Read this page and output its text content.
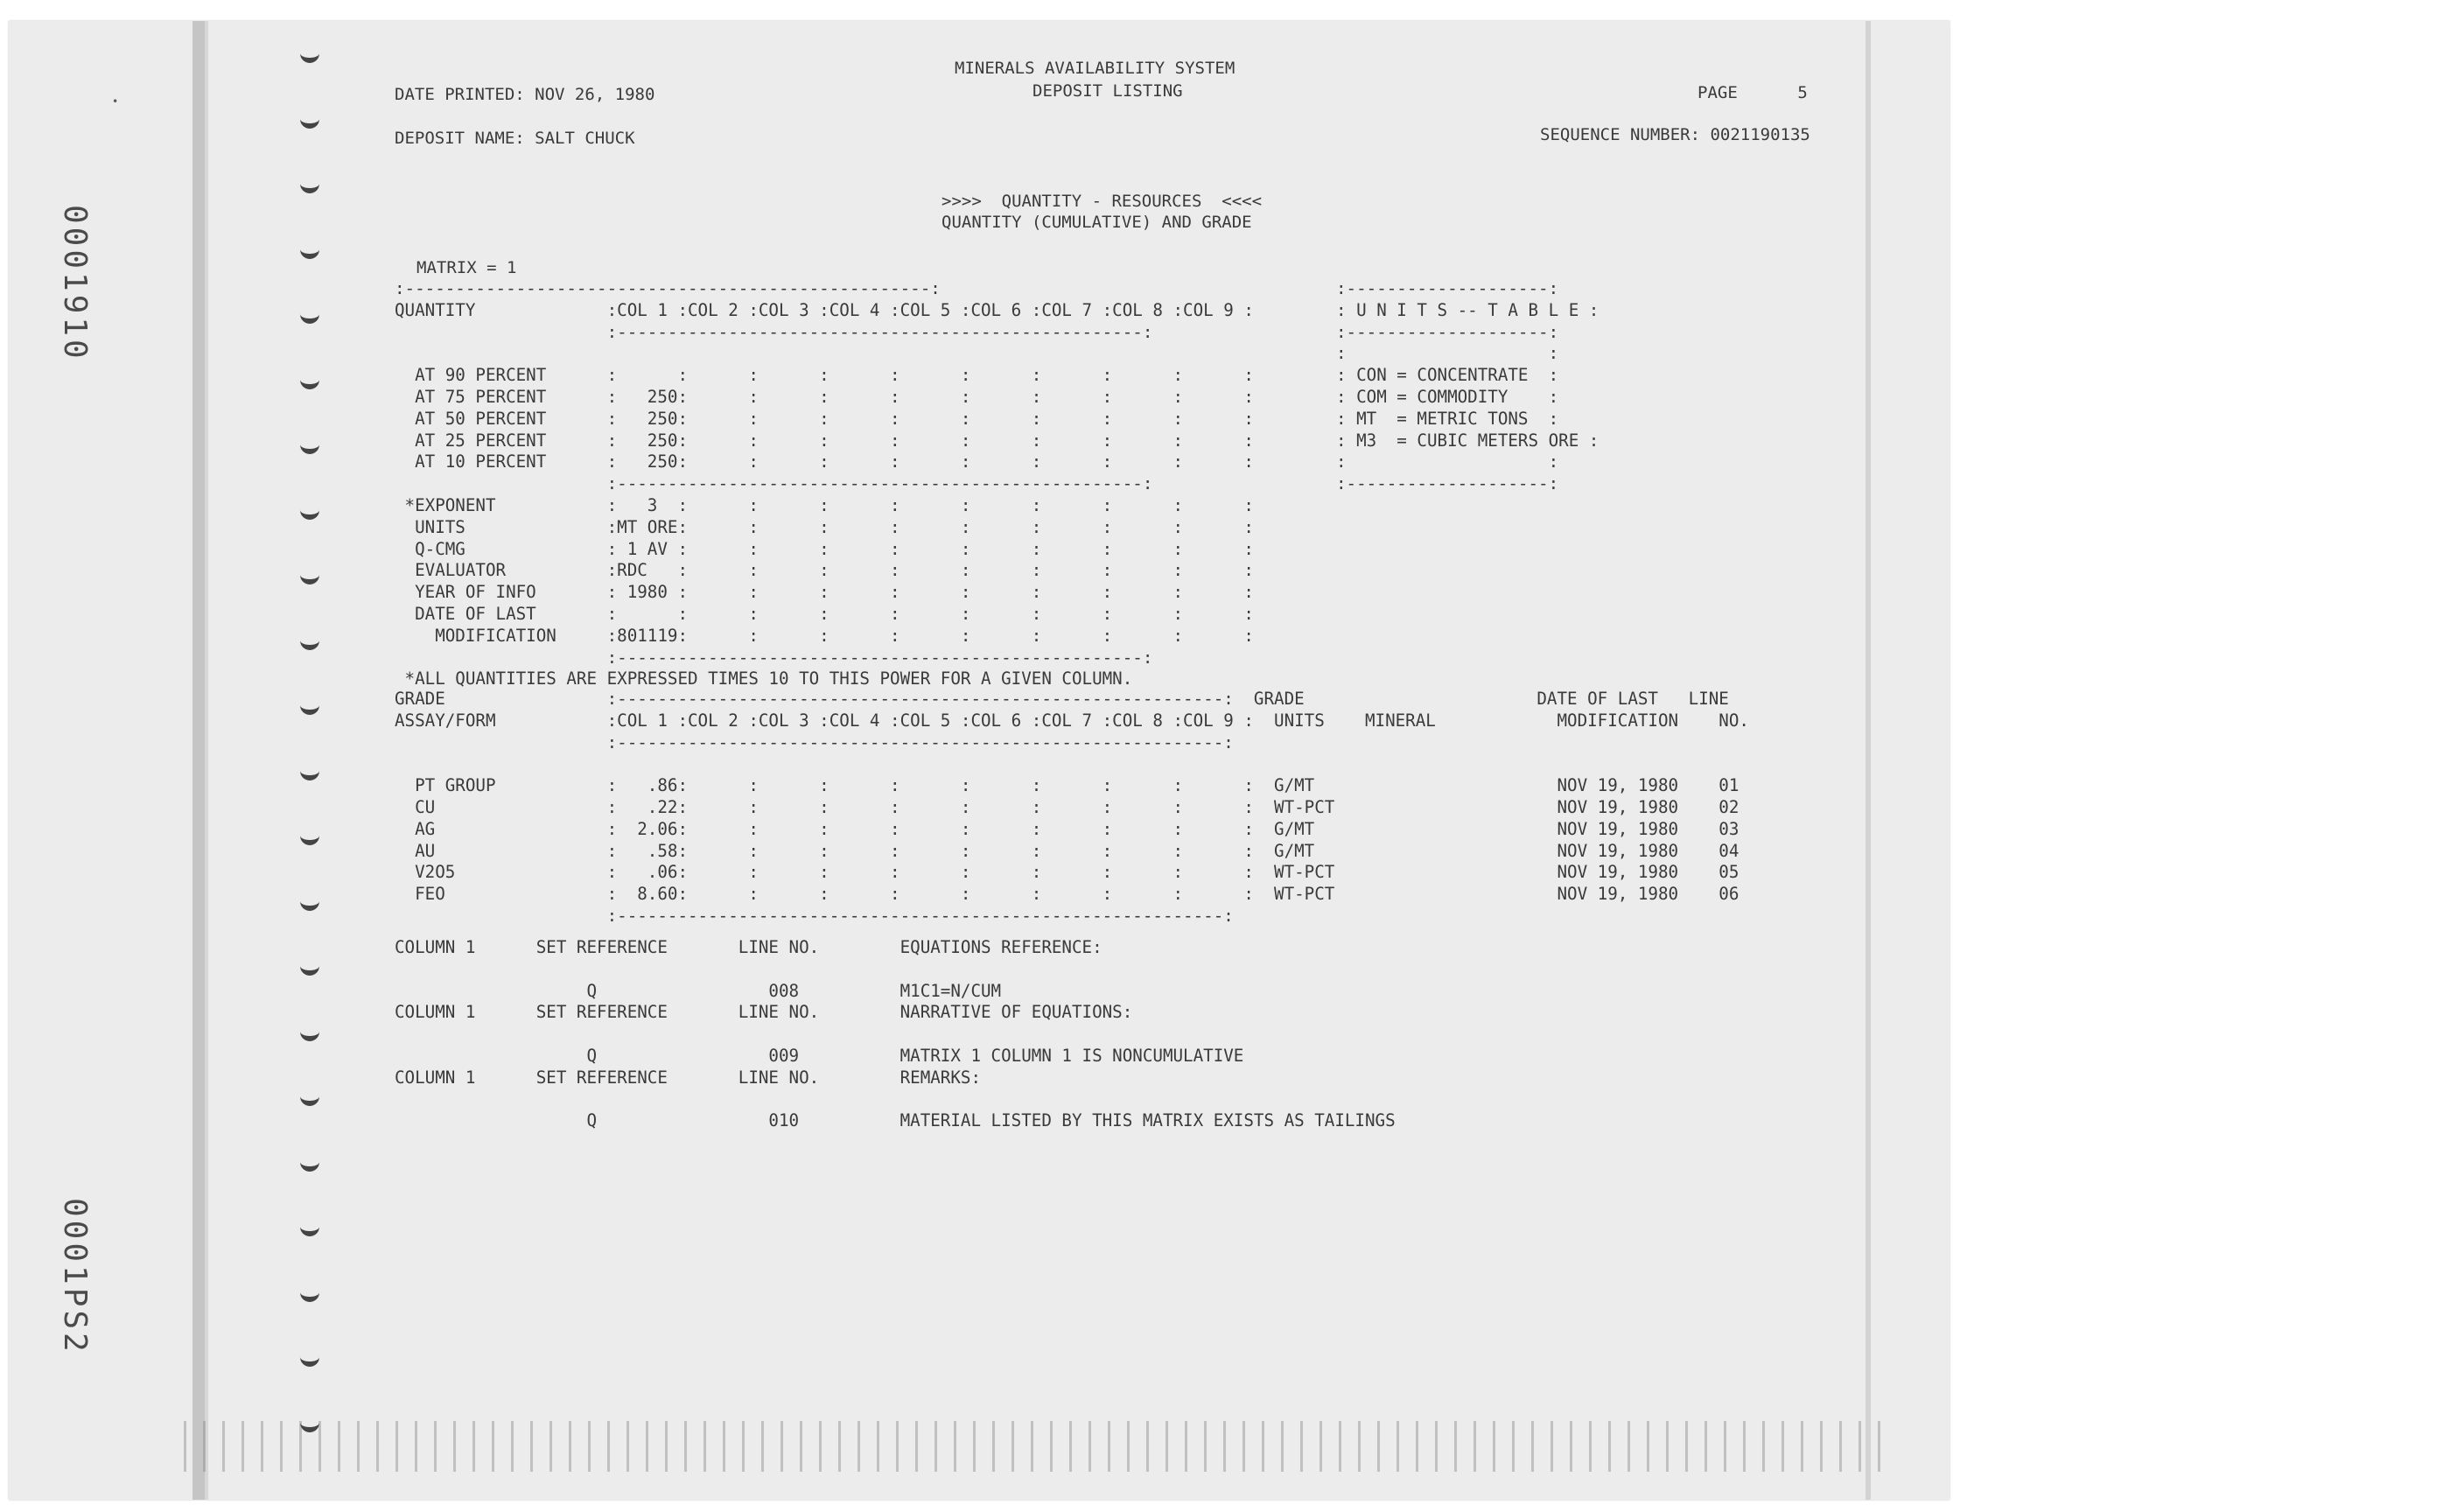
0001910
0001PS2
•
MINERALS AVAILABILITY SYSTEM
DEPOSIT LISTING
DATE PRINTED: NOV 26, 1980	PAGE      5
DEPOSIT NAME: SALT CHUCK	SEQUENCE NUMBER: 0021190135
>>>>  QUANTITY - RESOURCES  <<<<
QUANTITY (CUMULATIVE) AND GRADE
MATRIX = 1
:----------------------------------------------------:
QUANTITY             :COL 1 :COL 2 :COL 3 :COL 4 :COL 5 :COL 6 :COL 7 :COL 8 :COL 9 :
:----------------------------------------------------:

AT 90 PERCENT      :      :      :      :      :      :      :      :      :      :
AT 75 PERCENT      :   250:      :      :      :      :      :      :      :      :
AT 50 PERCENT      :   250:      :      :      :      :      :      :      :      :
AT 25 PERCENT      :   250:      :      :      :      :      :      :      :      :
AT 10 PERCENT      :   250:      :      :      :      :      :      :      :      :
:----------------------------------------------------:
*EXPONENT           :   3  :      :      :      :      :      :      :      :      :
UNITS              :MT ORE:      :      :      :      :      :      :      :      :
Q-CMG              : 1 AV :      :      :      :      :      :      :      :      :
EVALUATOR          :RDC   :      :      :      :      :      :      :      :      :
YEAR OF INFO       : 1980 :      :      :      :      :      :      :      :      :
DATE OF LAST       :      :      :      :      :      :      :      :      :      :
MODIFICATION     :801119:      :      :      :      :      :      :      :      :
:----------------------------------------------------:
*ALL QUANTITIES ARE EXPRESSED TIMES 10 TO THIS POWER FOR A GIVEN COLUMN.
:--------------------:
: U N I T S -- T A B L E :
:--------------------:
:                    :
: CON = CONCENTRATE  :
: COM = COMMODITY    :
: MT  = METRIC TONS  :
: M3  = CUBIC METERS ORE :
:                    :
:--------------------:
GRADE                :------------------------------------------------------------:  GRADE                       DATE OF LAST   LINE
ASSAY/FORM           :COL 1 :COL 2 :COL 3 :COL 4 :COL 5 :COL 6 :COL 7 :COL 8 :COL 9 :  UNITS    MINERAL            MODIFICATION    NO.
:------------------------------------------------------------:

PT GROUP           :   .86:      :      :      :      :      :      :      :      :  G/MT                        NOV 19, 1980    01
CU                 :   .22:      :      :      :      :      :      :      :      :  WT-PCT                      NOV 19, 1980    02
AG                 :  2.06:      :      :      :      :      :      :      :      :  G/MT                        NOV 19, 1980    03
AU                 :   .58:      :      :      :      :      :      :      :      :  G/MT                        NOV 19, 1980    04
V2O5               :   .06:      :      :      :      :      :      :      :      :  WT-PCT                      NOV 19, 1980    05
FEO                :  8.60:      :      :      :      :      :      :      :      :  WT-PCT                      NOV 19, 1980    06
:------------------------------------------------------------:
COLUMN 1      SET REFERENCE       LINE NO.        EQUATIONS REFERENCE:

Q                 008          M1C1=N/CUM
COLUMN 1      SET REFERENCE       LINE NO.        NARRATIVE OF EQUATIONS:

Q                 009          MATRIX 1 COLUMN 1 IS NONCUMULATIVE
COLUMN 1      SET REFERENCE       LINE NO.        REMARKS:

Q                 010          MATERIAL LISTED BY THIS MATRIX EXISTS AS TAILINGS
